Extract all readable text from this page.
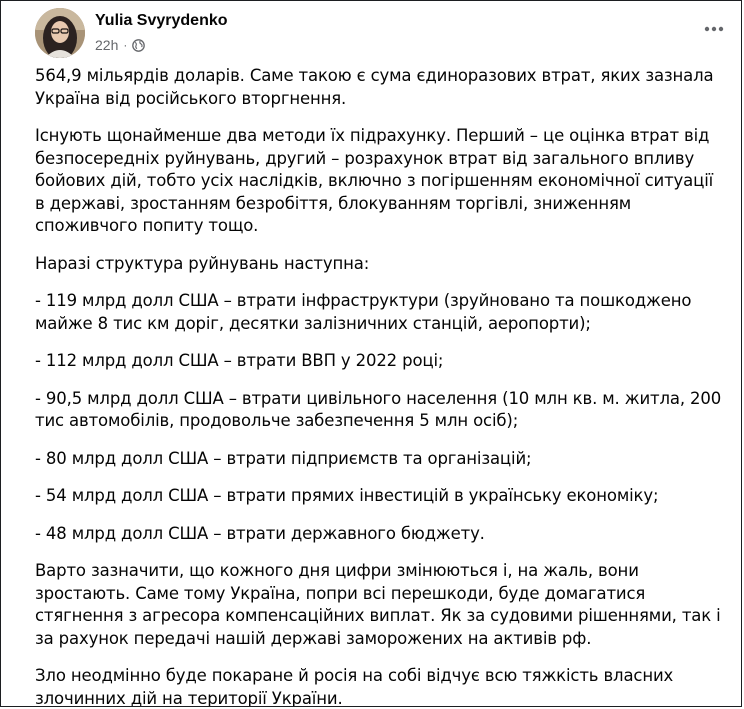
Yulia Svyrydenko
22h ·

564,9 мільярдів доларів. Саме такою є сума єдиноразових втрат, яких зазнала Україна від російського вторгнення.

Існують щонайменше два методи їх підрахунку. Перший – це оцінка втрат від безпосередніх руйнувань, другий – розрахунок втрат від загального впливу бойових дій, тобто усіх наслідків, включно з погіршенням економічної ситуації в державі, зростанням безробіття, блокуванням торгівлі, зниженням споживчого попиту тощо.

Наразі структура руйнувань наступна:

- 119 млрд долл США – втрати інфраструктури (зруйновано та пошкоджено майже 8 тис км доріг, десятки залізничних станцій, аеропорти);

- 112 млрд долл США – втрати ВВП у 2022 році;

- 90,5 млрд долл США – втрати цивільного населення (10 млн кв. м. житла, 200 тис автомобілів, продовольче забезпечення 5 млн осіб);

- 80 млрд долл США – втрати підприємств та організацій;

- 54 млрд долл США – втрати прямих інвестицій в українську економіку;

- 48 млрд долл США – втрати державного бюджету.

Варто зазначити, що кожного дня цифри змінюються і, на жаль, вони зростають. Саме тому Україна, попри всі перешкоди, буде домагатися стягнення з агресора компенсаційних виплат. Як за судовими рішеннями, так і за рахунок передачі нашій державі заморожених на активів рф.

Зло неодмінно буде покаране й росія на собі відчує всю тяжкість власних злочинних дій на території України.
